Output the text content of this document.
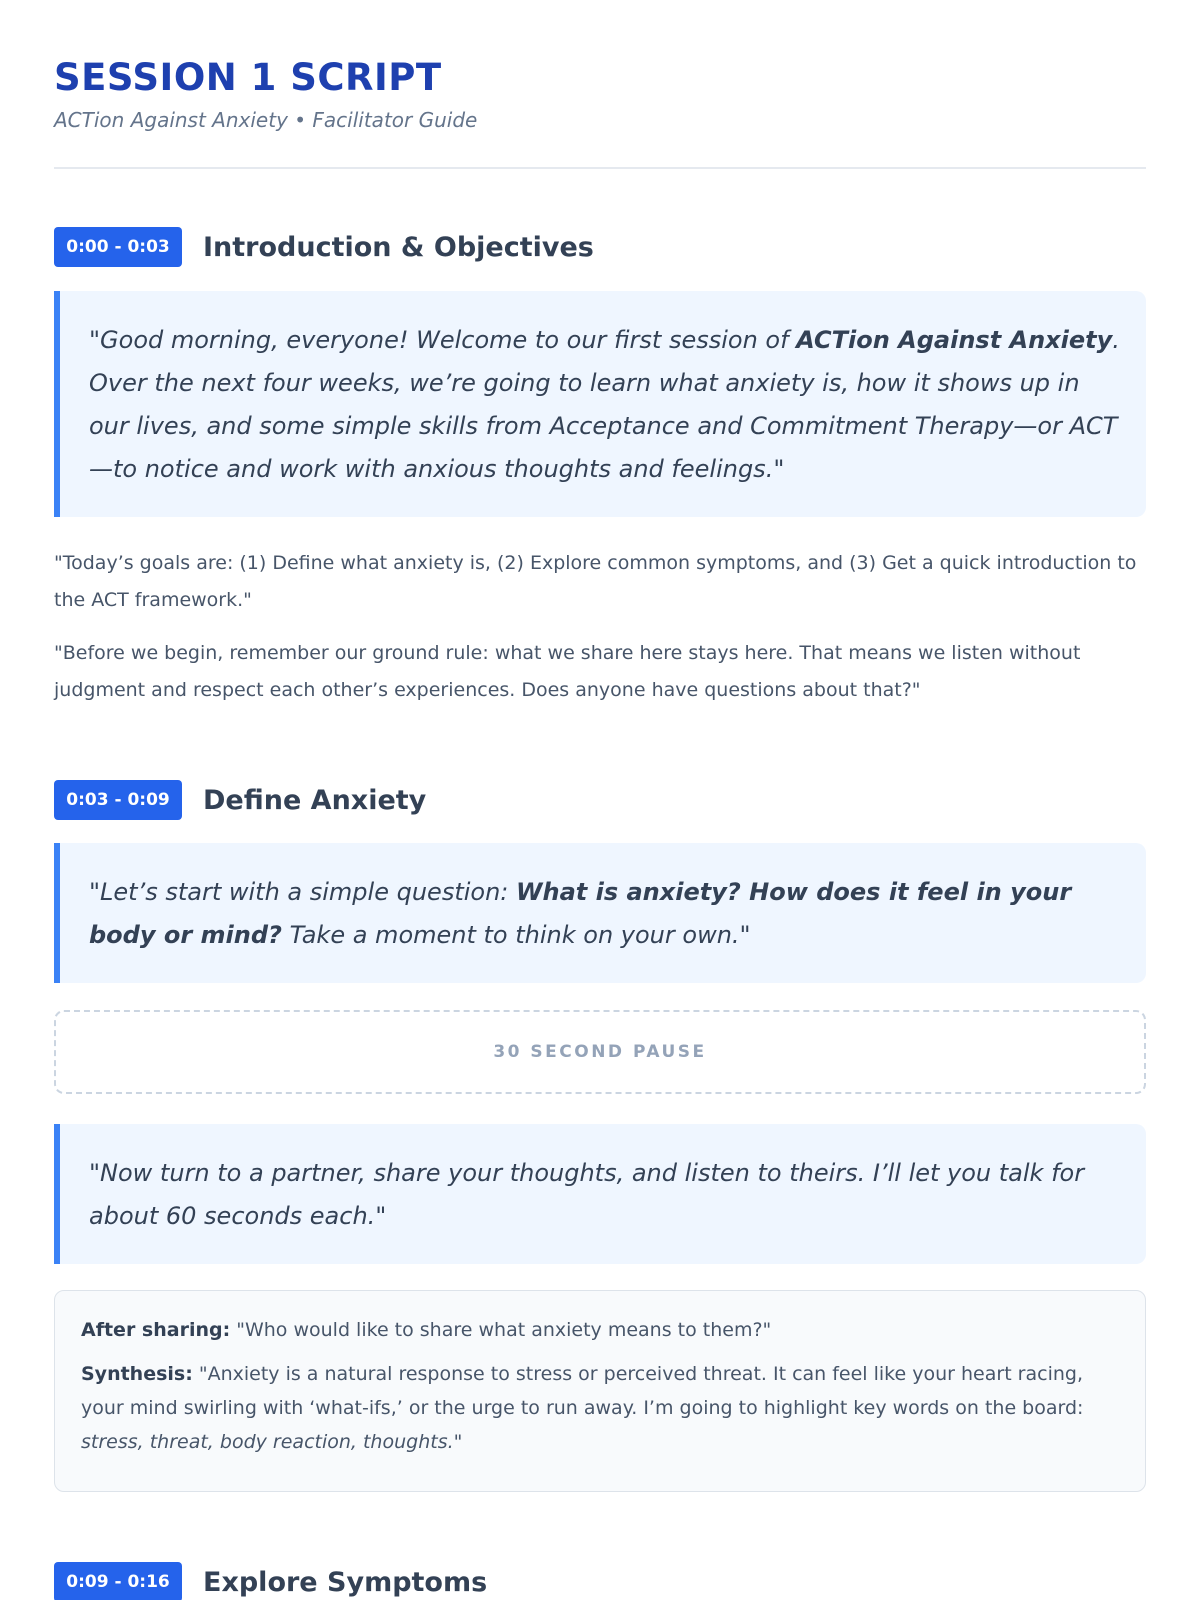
SESSION 1 SCRIPT
ACTion Against Anxiety • Facilitator Guide
0:00 - 0:03	Introduction & Objectives
"Good morning, everyone! Welcome to our first session of ACTion Against Anxiety. Over the next four weeks, we’re going to learn what anxiety is, how it shows up in our lives, and some simple skills from Acceptance and Commitment Therapy—or ACT—to notice and work with anxious thoughts and feelings."

"Today’s goals are: (1) Define what anxiety is, (2) Explore common symptoms, and (3) Get a quick introduction to the ACT framework."

"Before we begin, remember our ground rule: what we share here stays here. That means we listen without judgment and respect each other’s experiences. Does anyone have questions about that?"

0:03 - 0:09	Define Anxiety
"Let’s start with a simple question: What is anxiety? How does it feel in your body or mind? Take a moment to think on your own."
30 SECOND PAUSE
"Now turn to a partner, share your thoughts, and listen to theirs. I’ll let you talk for about 60 seconds each."
After sharing: "Who would like to share what anxiety means to them?"
Synthesis: "Anxiety is a natural response to stress or perceived threat. It can feel like your heart racing, your mind swirling with ‘what-ifs,’ or the urge to run away. I’m going to highlight key words on the board: stress, threat, body reaction, thoughts."
0:09 - 0:16	Explore Symptoms
